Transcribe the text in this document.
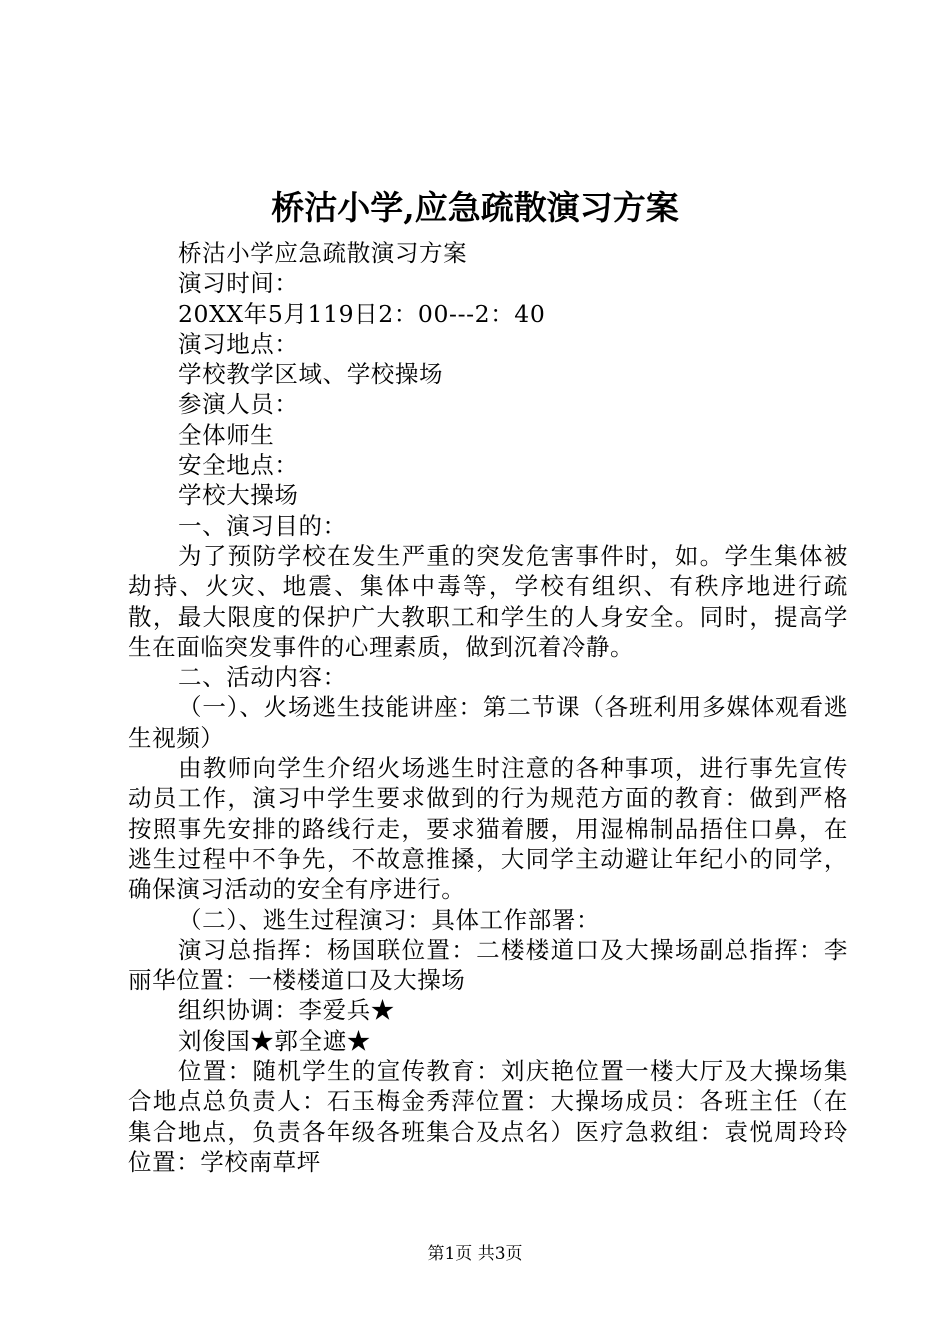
桥沽小学,应急疏散演习方案

桥沽小学应急疏散演习方案

演习时间：

20XX年5月119日2：00---2：40

演习地点：

学校教学区域、学校操场

参演人员：

全体师生

安全地点：

学校大操场

一、演习目的：

为了预防学校在发生严重的突发危害事件时，如。学生集体被劫持、火灾、地震、集体中毒等，学校有组织、有秩序地进行疏散，最大限度的保护广大教职工和学生的人身安全。同时，提高学生在面临突发事件的心理素质，做到沉着冷静。

二、活动内容：

（一）、火场逃生技能讲座：第二节课（各班利用多媒体观看逃生视频）

由教师向学生介绍火场逃生时注意的各种事项，进行事先宣传动员工作，演习中学生要求做到的行为规范方面的教育：做到严格按照事先安排的路线行走，要求猫着腰，用湿棉制品捂住口鼻，在逃生过程中不争先，不故意推搡，大同学主动避让年纪小的同学，确保演习活动的安全有序进行。

（二）、逃生过程演习：具体工作部署：

演习总指挥：杨国联位置：二楼楼道口及大操场副总指挥：李丽华位置：一楼楼道口及大操场

组织协调：李爱兵★

刘俊国★郭全遮★

位置：随机学生的宣传教育：刘庆艳位置一楼大厅及大操场集合地点总负责人：石玉梅金秀萍位置：大操场成员：各班主任（在集合地点，负责各年级各班集合及点名）医疗急救组：袁悦周玲玲位置：学校南草坪

第1页 共3页
